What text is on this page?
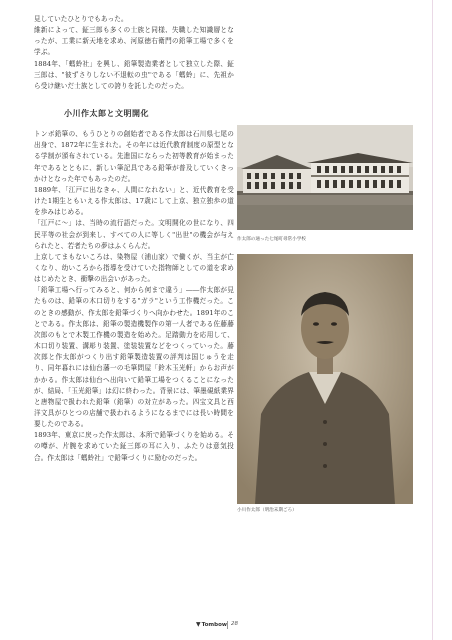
見していたひとりでもあった。

維新によって、鉦三郎も多くの士族と同様、失職した知識層となったが、工業に新天地を求め、河原徳右衛門の鉛筆工場で多くを学ぶ。

1884年、「螞蛉社」を興し、鉛筆製造業者として独立した際、鉦三郎は、"彼ずさりしない不退転の虫"である「螞蛉」に、先祖から受け継いだ士族としての誇りを託したのだった。

小川作太郎と文明開化

トンボ鉛筆の、もうひとりの創始者である作太郎は石川県七尾の出身で、1872年に生まれた。その年には近代教育制度の原型となる学制が頒布されている。先進国にならった初等教育が始まった年であるとともに、新しい筆記具である鉛筆が普及していくきっかけとなった年でもあったのだ。

1889年、「江戸に出なきゃ、人間になれない」と、近代教育を受けた1期生ともいえる作太郎は、17歳にして上京、独立独歩の道を歩みはじめる。

「江戸に〜」は、当時の流行語だった。文明開化の世になり、四民平等の社会が到来し、すべての人に等しく"出世"の機会が与えられたと、若者たちの夢はふくらんだ。

上京してまもないころは、染物屋（浦山家）で働くが、当主が亡くなり、幼いころから指導を受けていた指物師としての道を求めはじめたとき、衝撃の出会いがあった。

「鉛筆工場へ行ってみると、何から何まで違う」――作太郎が見たものは、鉛筆の木口切りをする"ガラ"という工作機だった。このときの感動が、作太郎を鉛筆づくりへ向かわせた。1891年のことである。作太郎は、鉛筆の製造機製作の第一人者である佐藤藤次郎のもとで木製工作機の製造を始めた。足踏動力を応用して、木口切り装置、溝彫り装置、塗装装置などをつくっていった。藤次郎と作太郎がつくり出す鉛筆製造装置の評判は国じゅうを走り、同年暮れには仙台藩一の毛筆問屋「鈴木玉光軒」からお声がかかる。作太郎は仙台へ出向いて鉛筆工場をつくることになったが、結局、「玉光鉛筆」は幻に終わった。背景には、筆墨硯紙業界と唐物屋で扱われた鉛筆（鉛筆）の対立があった。四宝文具と西洋文具がひとつの店舗で扱われるようになるまでには長い時間を要したのである。

1893年、東京に戻った作太郎は、本所で鉛筆づくりを始める。その噂が、片腕を求めていた鉦三郎の耳に入り、ふたりは意気投合。作太郎は「螞蛉社」で鉛筆づくりに励むのだった。

作太郎の通った七尾町尋常小学校
小川作太郎（明治末期ごろ）
▼Tombow 28
